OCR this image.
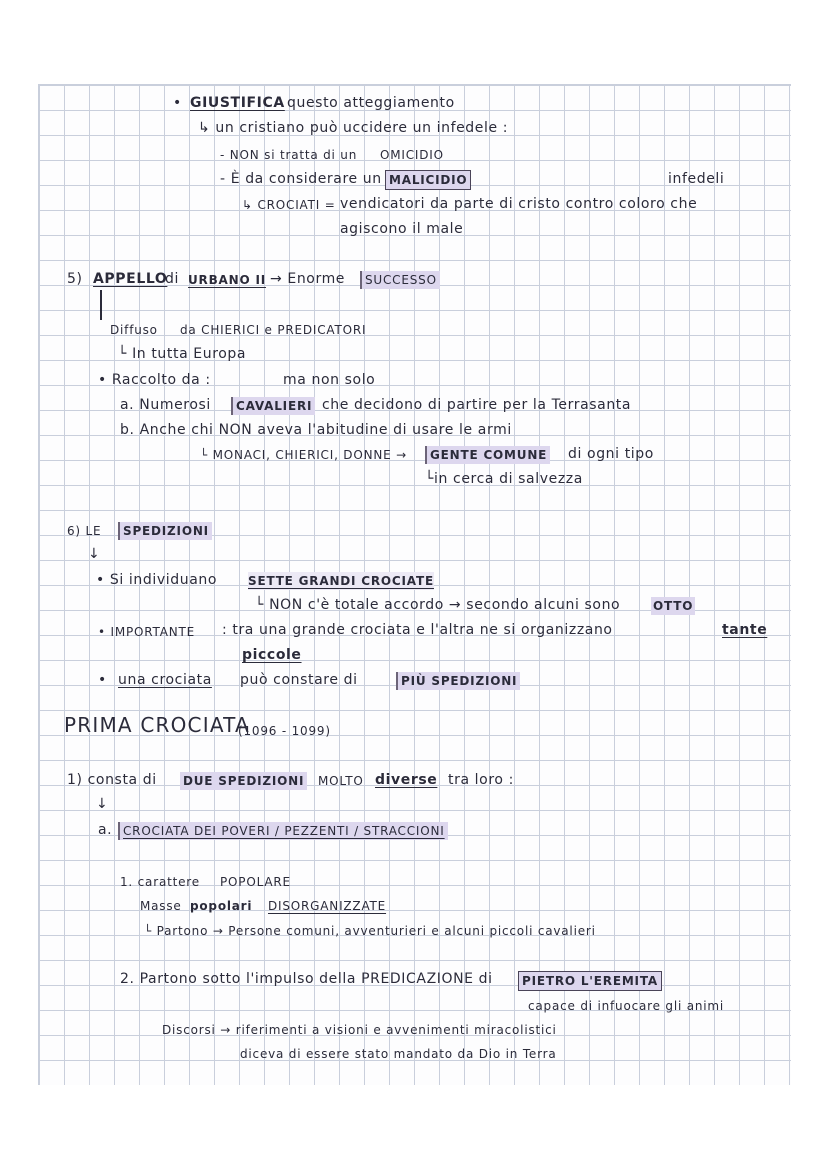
• GIUSTIFICA questo atteggiamento
↳ un cristiano può uccidere un infedele :
- NON si tratta di un OMICIDIO
- È da considerare un MALICIDIO	infedeli
↳ CROCIATI = vendicatori da parte di cristo contro coloro che
agiscono il male
5) APPELLO
di URBANO II → Enorme	SUCCESSO
Diffuso da CHIERICI e PREDICATORI
└ In tutta Europa
• Raccolto da :	ma non solo
a. Numerosi	CAVALIERI che decidono di partire per la Terrasanta
b. Anche chi NON aveva l'abitudine di usare le armi
└ MONACI, CHIERICI, DONNE →	GENTE COMUNE di ogni tipo
└in cerca di salvezza
6) LE	SPEDIZIONI
↓
• Si individuano	SETTE GRANDI CROCIATE
└ NON c'è totale accordo → secondo alcuni sono	OTTO
• IMPORTANTE : tra una grande crociata e l'altra ne si organizzano	tante
piccole
• una crociata può constare di	PIÙ SPEDIZIONI
PRIMA CROCIATA
(1096 - 1099)
1) consta di DUE SPEDIZIONI MOLTO diverse tra loro :
↓
a. CROCIATA DEI POVERI / PEZZENTI / STRACCIONI
1. carattere POPOLARE
Masse popolari DISORGANIZZATE
└ Partono → Persone comuni, avventurieri e alcuni piccoli cavalieri
2. Partono sotto l'impulso della PREDICAZIONE di	PIETRO L'EREMITA
capace di infuocare gli animi
Discorsi → riferimenti a visioni e avvenimenti miracolistici
diceva di essere stato mandato da Dio in Terra
